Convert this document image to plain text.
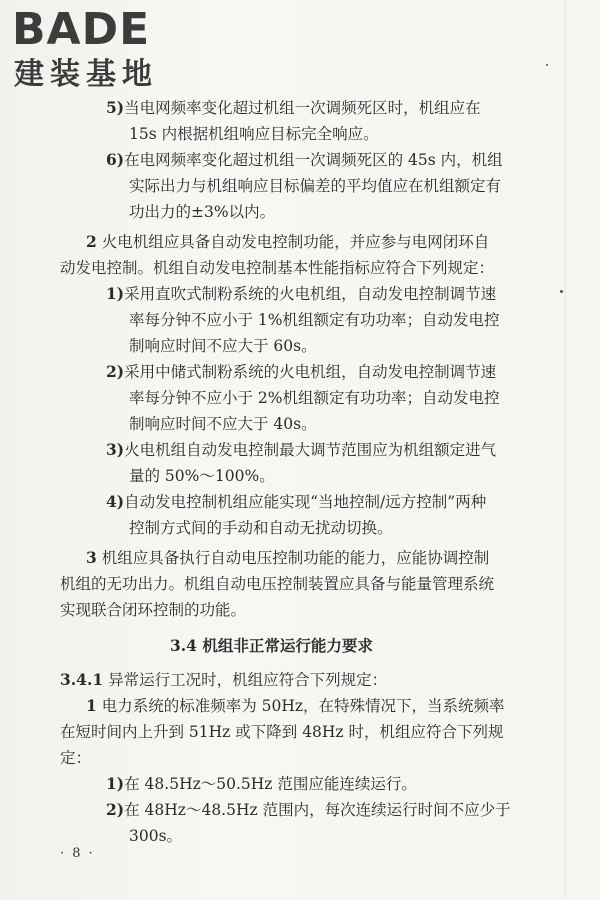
BADE
建装基地
5)当电网频率变化超过机组一次调频死区时，机组应在
15s 内根据机组响应目标完全响应。
6)在电网频率变化超过机组一次调频死区的 45s 内，机组
实际出力与机组响应目标偏差的平均值应在机组额定有
功出力的±3%以内。
2 火电机组应具备自动发电控制功能，并应参与电网闭环自
动发电控制。机组自动发电控制基本性能指标应符合下列规定：
1)采用直吹式制粉系统的火电机组，自动发电控制调节速
率每分钟不应小于 1%机组额定有功功率；自动发电控
制响应时间不应大于 60s。
2)采用中储式制粉系统的火电机组，自动发电控制调节速
率每分钟不应小于 2%机组额定有功功率；自动发电控
制响应时间不应大于 40s。
3)火电机组自动发电控制最大调节范围应为机组额定进气
量的 50%～100%。
4)自动发电控制机组应能实现“当地控制/远方控制”两种
控制方式间的手动和自动无扰动切换。
3 机组应具备执行自动电压控制功能的能力，应能协调控制
机组的无功出力。机组自动电压控制装置应具备与能量管理系统
实现联合闭环控制的功能。
3.4 机组非正常运行能力要求
3.4.1 异常运行工况时，机组应符合下列规定：
1 电力系统的标准频率为 50Hz，在特殊情况下，当系统频率
在短时间内上升到 51Hz 或下降到 48Hz 时，机组应符合下列规
定：
1)在 48.5Hz～50.5Hz 范围应能连续运行。
2)在 48Hz～48.5Hz 范围内，每次连续运行时间不应少于
300s。
· 8 ·
